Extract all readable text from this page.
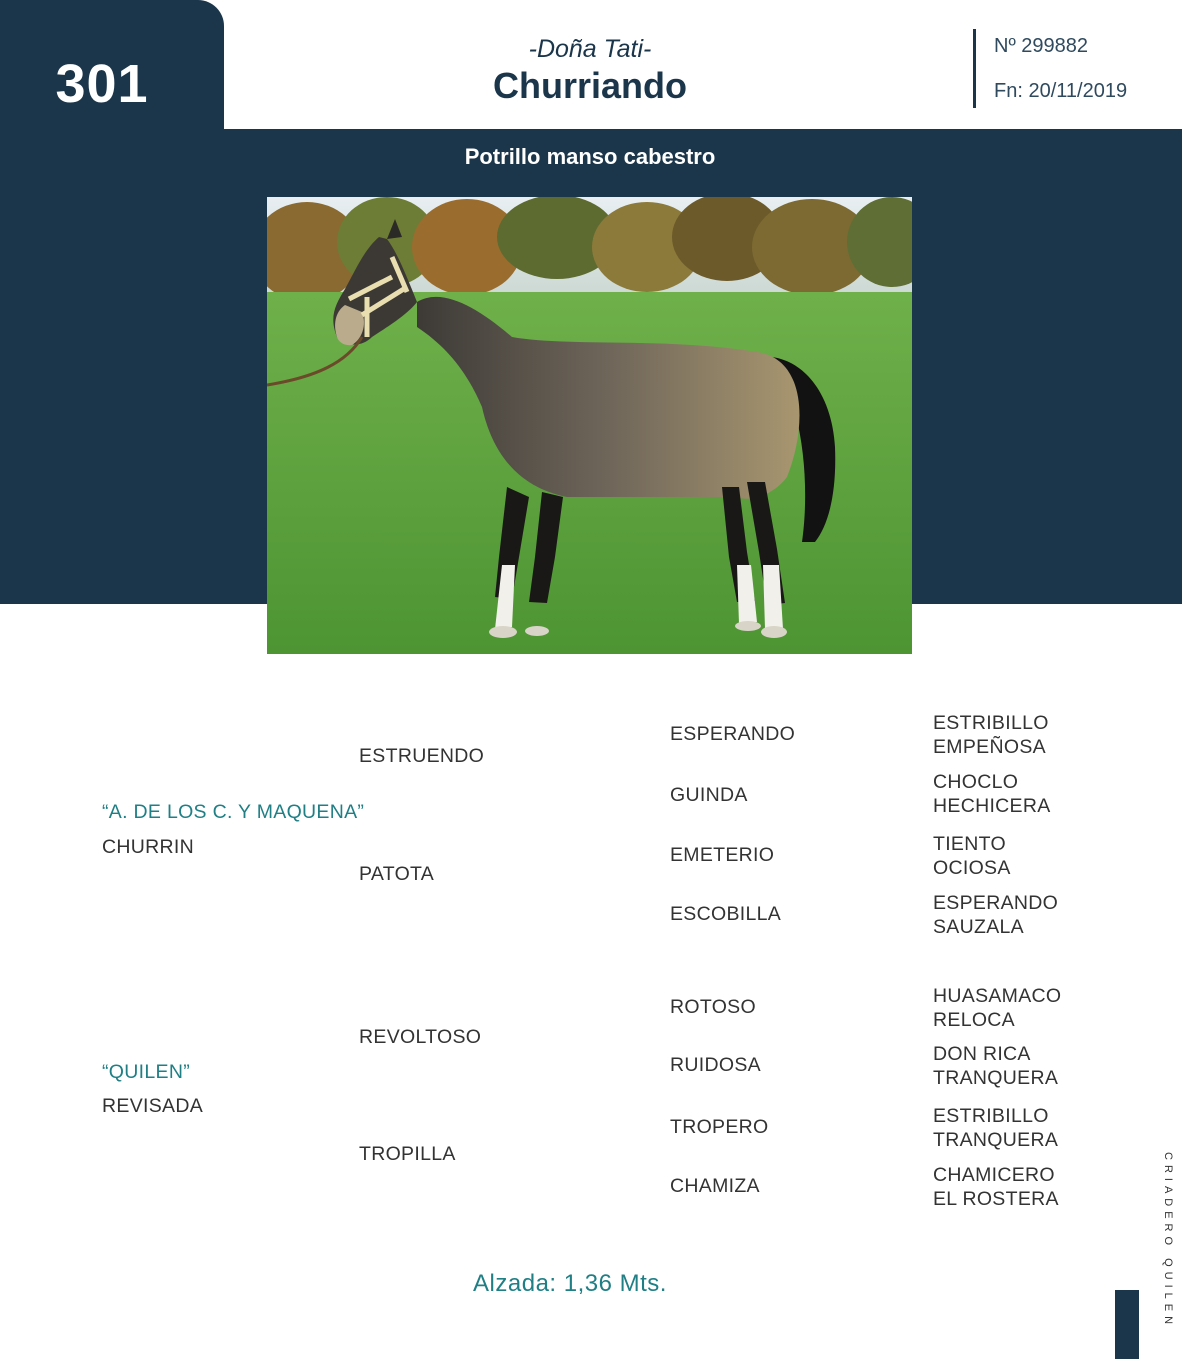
301
-Doña Tati-
Churriando
Nº 299882
Fn: 20/11/2019
Potrillo manso cabestro
“A. DE LOS C. Y MAQUENA”
CHURRIN
ESTRUENDO
PATOTA
ESPERANDO
GUINDA
EMETERIO
ESCOBILLA
ESTRIBILLO
EMPEÑOSA
CHOCLO
HECHICERA
TIENTO
OCIOSA
ESPERANDO
SAUZALA
“QUILEN”
REVISADA
REVOLTOSO
TROPILLA
ROTOSO
RUIDOSA
TROPERO
CHAMIZA
HUASAMACO
RELOCA
DON RICA
TRANQUERA
ESTRIBILLO
TRANQUERA
CHAMICERO
EL ROSTERA
Alzada: 1,36 Mts.	CRIADERO QUILEN
